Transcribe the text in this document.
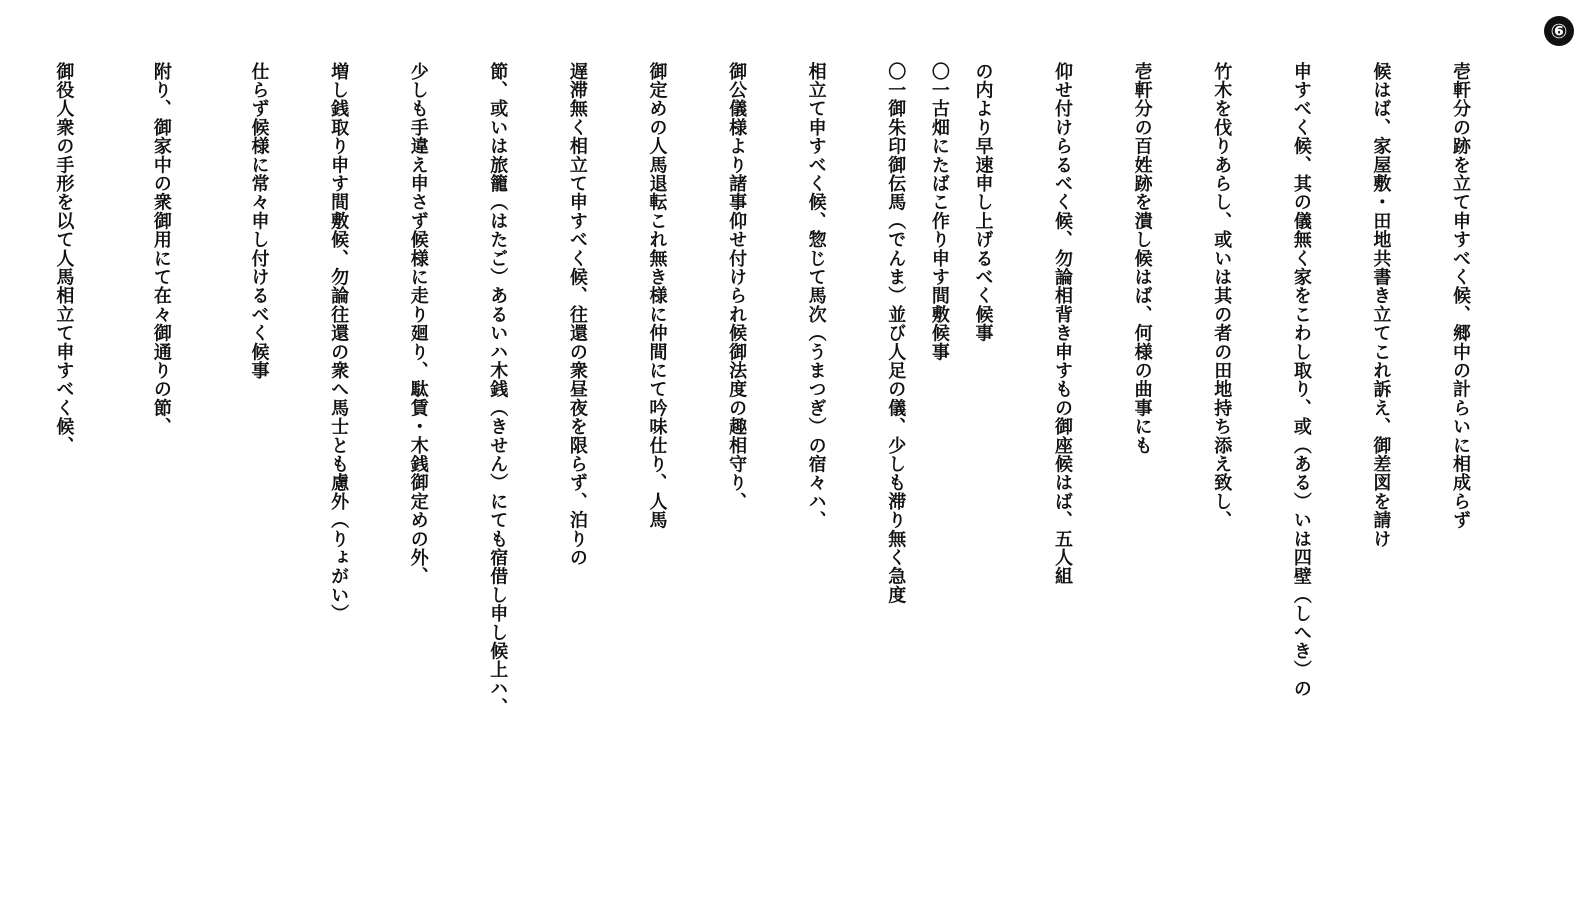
⑥
壱軒分の跡を立て申すべく候、郷中の計らいに相成らず
候はば、家屋敷・田地共書き立てこれ訴え、御差図を請け
申すべく候、其の儀無く家をこわし取り、或（ある）いは四壁（しへき）の
竹木を伐りあらし、或いは其の者の田地持ち添え致し、
壱軒分の百姓跡を潰し候はば、何様の曲事にも
仰せ付けらるべく候、勿論相背き申すもの御座候はば、五人組
の内より早速申し上げるべく候事
〇一古畑にたばこ作り申す間敷候事
〇一御朱印御伝馬（でんま）並び人足の儀、少しも滞り無く急度
相立て申すべく候、惣じて馬次（うまつぎ）の宿々ハ、
御公儀様より諸事仰せ付けられ候御法度の趣相守り、
御定めの人馬退転これ無き様に仲間にて吟味仕り、人馬
遅滞無く相立て申すべく候、往還の衆昼夜を限らず、泊りの
節、或いは旅籠（はたご）あるいハ木銭（きせん）にても宿借し申し候上ハ、
少しも手違え申さず候様に走り廻り、駄賃・木銭御定めの外、
増し銭取り申す間敷候、勿論往還の衆へ馬士とも慮外（りょがい）
仕らず候様に常々申し付けるべく候事
附り、御家中の衆御用にて在々御通りの節、
御役人衆の手形を以て人馬相立て申すべく候、
